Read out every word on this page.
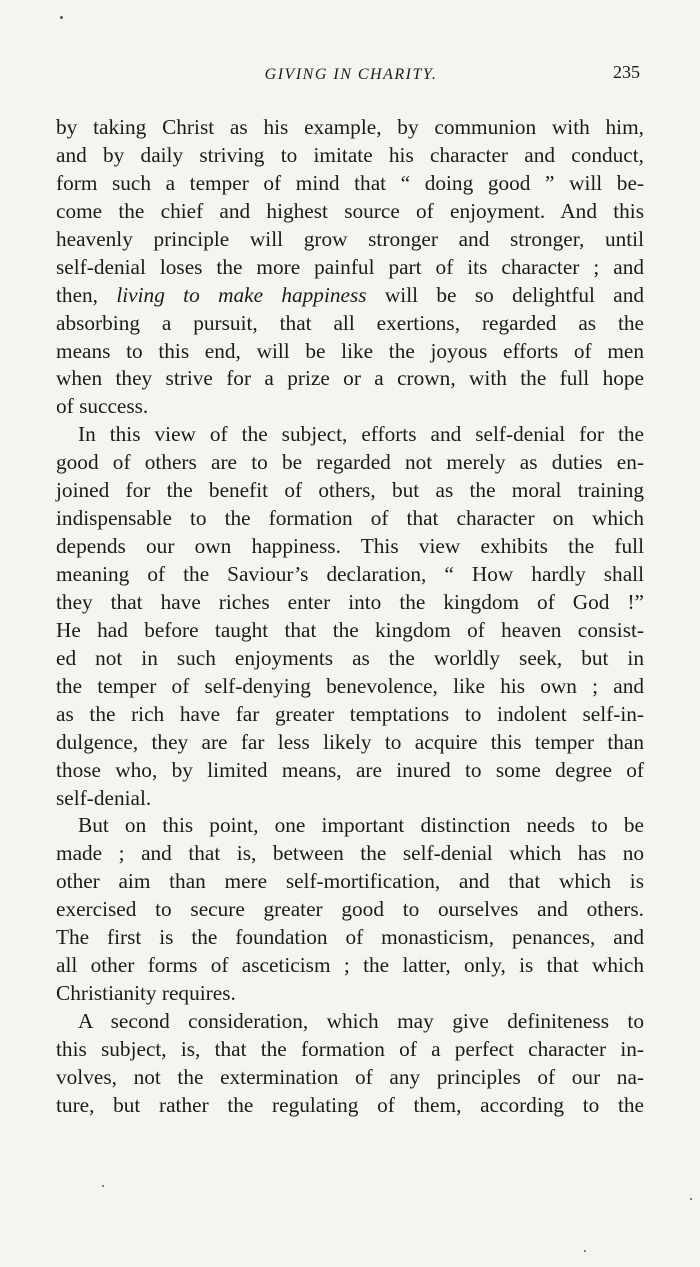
GIVING IN CHARITY.	235
by taking Christ as his example, by communion with him,
and by daily striving to imitate his character and conduct,
form such a temper of mind that “ doing good ” will be-
come the chief and highest source of enjoyment. And this
heavenly principle will grow stronger and stronger, until
self-denial loses the more painful part of its character ; and
then, living to make happiness will be so delightful and
absorbing a pursuit, that all exertions, regarded as the
means to this end, will be like the joyous efforts of men
when they strive for a prize or a crown, with the full hope
of success.
In this view of the subject, efforts and self-denial for the
good of others are to be regarded not merely as duties en-
joined for the benefit of others, but as the moral training
indispensable to the formation of that character on which
depends our own happiness. This view exhibits the full
meaning of the Saviour’s declaration, “ How hardly shall
they that have riches enter into the kingdom of God !”
He had before taught that the kingdom of heaven consist-
ed not in such enjoyments as the worldly seek, but in
the temper of self-denying benevolence, like his own ; and
as the rich have far greater temptations to indolent self-in-
dulgence, they are far less likely to acquire this temper than
those who, by limited means, are inured to some degree of
self-denial.
But on this point, one important distinction needs to be
made ; and that is, between the self-denial which has no
other aim than mere self-mortification, and that which is
exercised to secure greater good to ourselves and others.
The first is the foundation of monasticism, penances, and
all other forms of asceticism ; the latter, only, is that which
Christianity requires.
A second consideration, which may give definiteness to
this subject, is, that the formation of a perfect character in-
volves, not the extermination of any principles of our na-
ture, but rather the regulating of them, according to the
